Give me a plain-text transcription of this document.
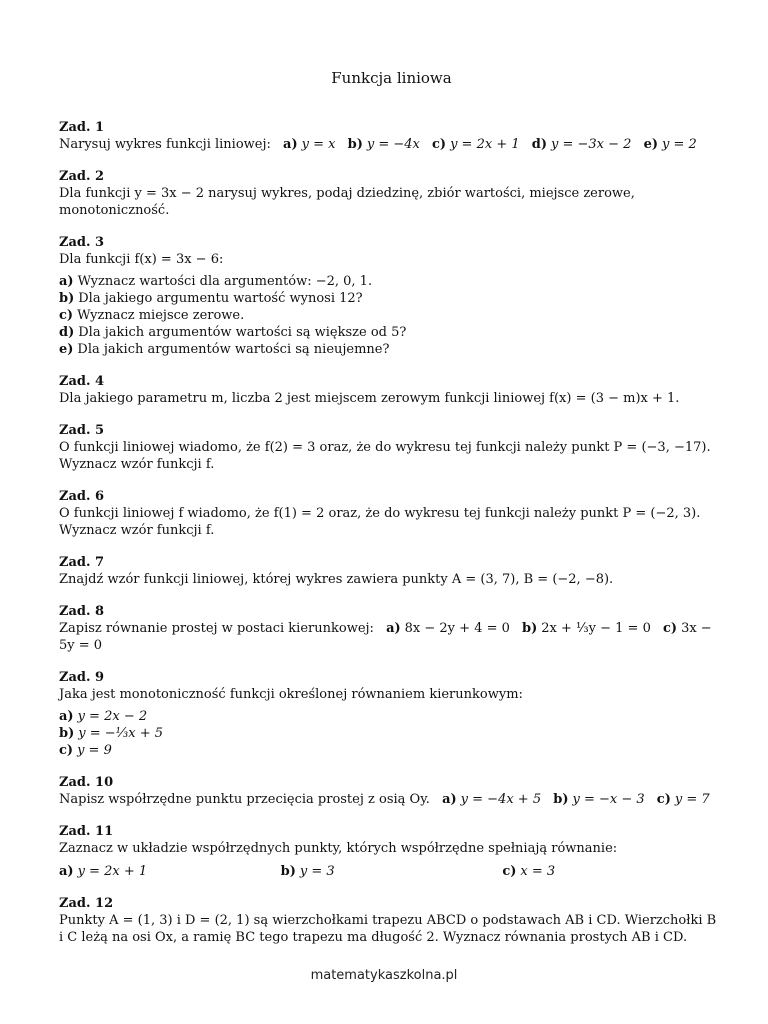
Funkcja liniowa
Zad. 1
Narysuj wykres funkcji liniowej: a) y = x b) y = −4x c) y = 2x + 1 d) y = −3x − 2 e) y = 2
Zad. 2
Dla funkcji y = 3x − 2 narysuj wykres, podaj dziedzinę, zbiór wartości, miejsce zerowe, monotoniczność.
Zad. 3
Dla funkcji f(x) = 3x − 6:
a) Wyznacz wartości dla argumentów: −2, 0, 1.
b) Dla jakiego argumentu wartość wynosi 12?
c) Wyznacz miejsce zerowe.
d) Dla jakich argumentów wartości są większe od 5?
e) Dla jakich argumentów wartości są nieujemne?
Zad. 4
Dla jakiego parametru m, liczba 2 jest miejscem zerowym funkcji liniowej f(x) = (3 − m)x + 1.
Zad. 5
O funkcji liniowej wiadomo, że f(2) = 3 oraz, że do wykresu tej funkcji należy punkt P = (−3, −17). Wyznacz wzór funkcji f.
Zad. 6
O funkcji liniowej f wiadomo, że f(1) = 2 oraz, że do wykresu tej funkcji należy punkt P = (−2, 3). Wyznacz wzór funkcji f.
Zad. 7
Znajdź wzór funkcji liniowej, której wykres zawiera punkty A = (3, 7), B = (−2, −8).
Zad. 8
Zapisz równanie prostej w postaci kierunkowej: a) 8x − 2y + 4 = 0 b) 2x + ⅓y − 1 = 0 c) 3x − 5y = 0
Zad. 9
Jaka jest monotoniczność funkcji określonej równaniem kierunkowym:
a) y = 2x − 2
b) y = −⅓x + 5
c) y = 9
Zad. 10
Napisz współrzędne punktu przecięcia prostej z osią Oy. a) y = −4x + 5 b) y = −x − 3 c) y = 7
Zad. 11
Zaznacz w układzie współrzędnych punkty, których współrzędne spełniają równanie:
a) y = 2x + 1	b) y = 3	c) x = 3
Zad. 12
Punkty A = (1, 3) i D = (2, 1) są wierzchołkami trapezu ABCD o podstawach AB i CD. Wierzchołki B i C leżą na osi Ox, a ramię BC tego trapezu ma długość 2. Wyznacz równania prostych AB i CD.
matematykaszkolna.pl
